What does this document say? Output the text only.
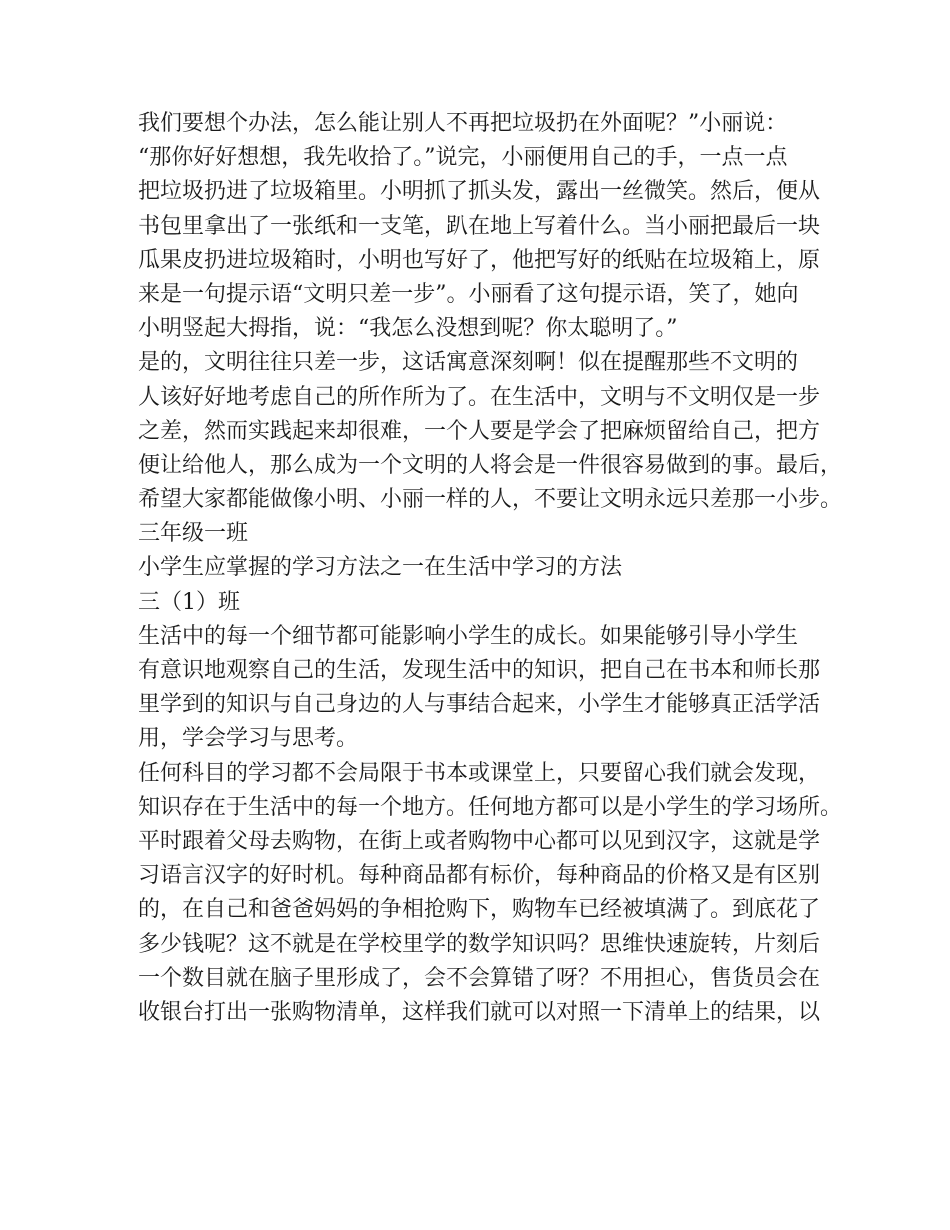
我们要想个办法，怎么能让别人不再把垃圾扔在外面呢？”小丽说：
“那你好好想想，我先收拾了。”说完，小丽便用自己的手，一点一点
把垃圾扔进了垃圾箱里。小明抓了抓头发，露出一丝微笑。然后，便从
书包里拿出了一张纸和一支笔，趴在地上写着什么。当小丽把最后一块
瓜果皮扔进垃圾箱时，小明也写好了，他把写好的纸贴在垃圾箱上，原
来是一句提示语“文明只差一步”。小丽看了这句提示语，笑了，她向
小明竖起大拇指，说：“我怎么没想到呢？你太聪明了。”
是的，文明往往只差一步，这话寓意深刻啊！似在提醒那些不文明的
人该好好地考虑自己的所作所为了。在生活中，文明与不文明仅是一步
之差，然而实践起来却很难，一个人要是学会了把麻烦留给自己，把方
便让给他人，那么成为一个文明的人将会是一件很容易做到的事。最后，
希望大家都能做像小明、小丽一样的人，不要让文明永远只差那一小步。
三年级一班
小学生应掌握的学习方法之一在生活中学习的方法
三（1）班
生活中的每一个细节都可能影响小学生的成长。如果能够引导小学生
有意识地观察自己的生活，发现生活中的知识，把自己在书本和师长那
里学到的知识与自己身边的人与事结合起来，小学生才能够真正活学活
用，学会学习与思考。
任何科目的学习都不会局限于书本或课堂上，只要留心我们就会发现，
知识存在于生活中的每一个地方。任何地方都可以是小学生的学习场所。
平时跟着父母去购物，在街上或者购物中心都可以见到汉字，这就是学
习语言汉字的好时机。每种商品都有标价，每种商品的价格又是有区别
的，在自己和爸爸妈妈的争相抢购下，购物车已经被填满了。到底花了
多少钱呢？这不就是在学校里学的数学知识吗？思维快速旋转，片刻后
一个数目就在脑子里形成了，会不会算错了呀？不用担心，售货员会在
收银台打出一张购物清单，这样我们就可以对照一下清单上的结果，以
